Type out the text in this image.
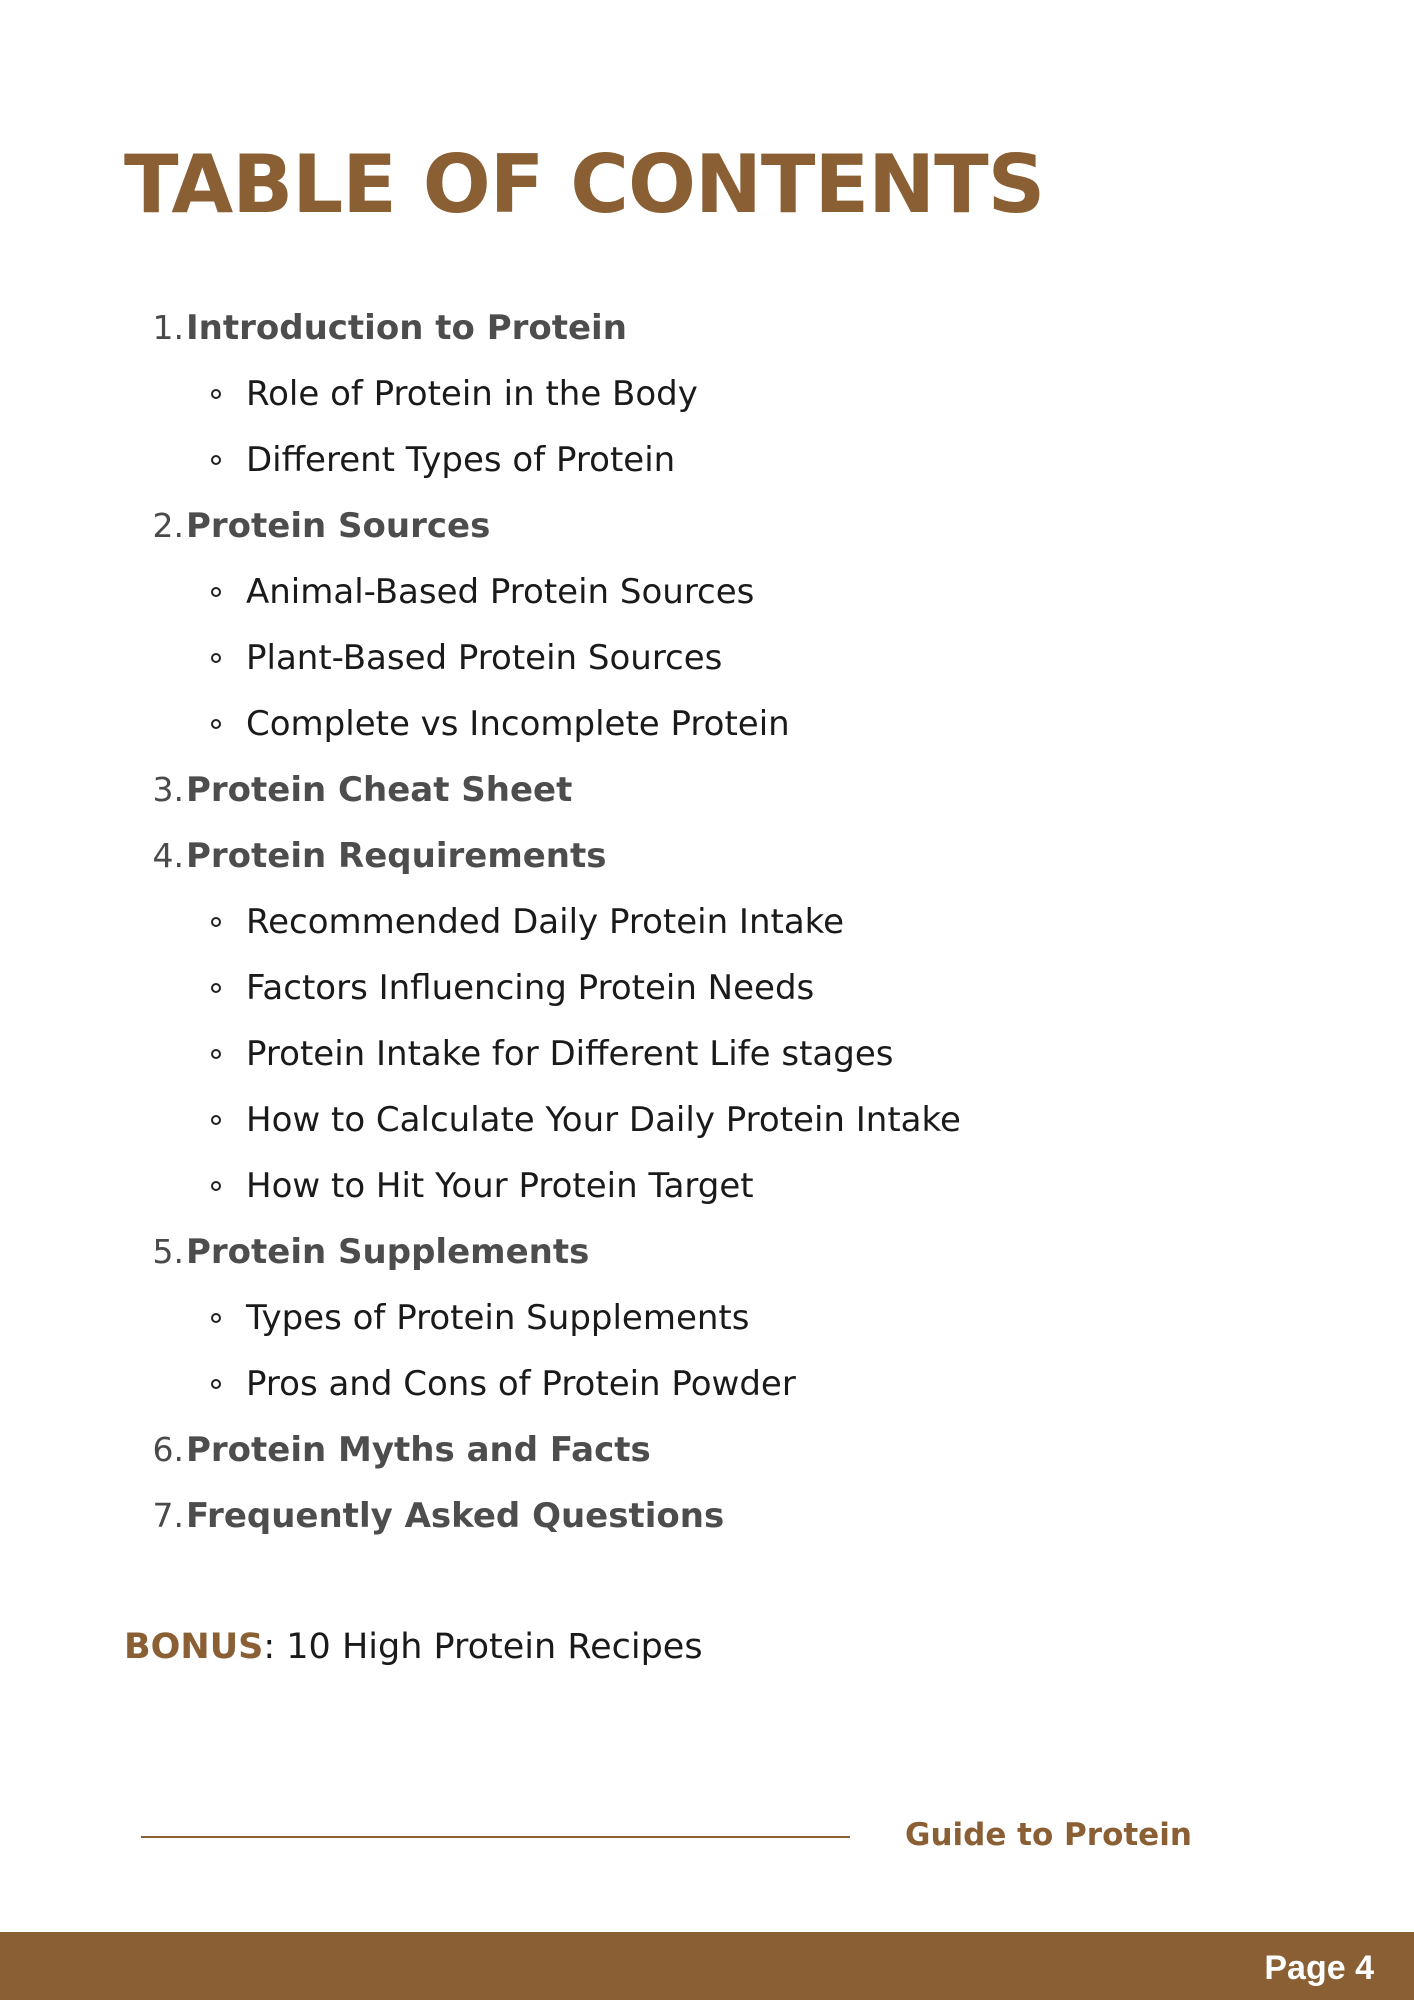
TABLE OF CONTENTS
1. Introduction to Protein
Role of Protein in the Body
Different Types of Protein
2. Protein Sources
Animal-Based Protein Sources
Plant-Based Protein Sources
Complete vs Incomplete Protein
3. Protein Cheat Sheet
4. Protein Requirements
Recommended Daily Protein Intake
Factors Influencing Protein Needs
Protein Intake for Different Life stages
How to Calculate Your Daily Protein Intake
How to Hit Your Protein Target
5. Protein Supplements
Types of Protein Supplements
Pros and Cons of Protein Powder
6. Protein Myths and Facts
7. Frequently Asked Questions
BONUS: 10 High Protein Recipes
Guide to Protein
Page 4
